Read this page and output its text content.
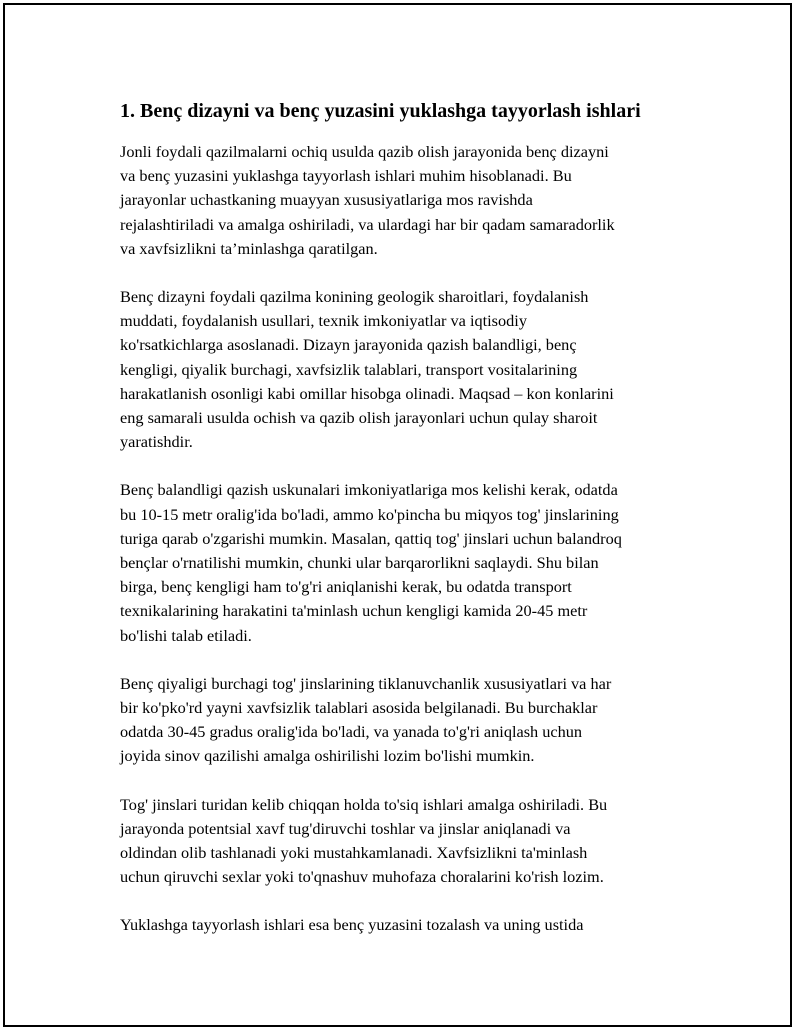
1. Benç dizayni va benç yuzasini yuklashga tayyorlash ishlari

Jonli foydali qazilmalarni ochiq usulda qazib olish jarayonida benç dizayni
va benç yuzasini yuklashga tayyorlash ishlari muhim hisoblanadi. Bu
jarayonlar uchastkaning muayyan xususiyatlariga mos ravishda
rejalashtiriladi va amalga oshiriladi, va ulardagi har bir qadam samaradorlik
va xavfsizlikni ta’minlashga qaratilgan.

Benç dizayni foydali qazilma konining geologik sharoitlari, foydalanish
muddati, foydalanish usullari, texnik imkoniyatlar va iqtisodiy
ko'rsatkichlarga asoslanadi. Dizayn jarayonida qazish balandligi, benç
kengligi, qiyalik burchagi, xavfsizlik talablari, transport vositalarining
harakatlanish osonligi kabi omillar hisobga olinadi. Maqsad – kon konlarini
eng samarali usulda ochish va qazib olish jarayonlari uchun qulay sharoit
yaratishdir.

Benç balandligi qazish uskunalari imkoniyatlariga mos kelishi kerak, odatda
bu 10-15 metr oralig'ida bo'ladi, ammo ko'pincha bu miqyos tog' jinslarining
turiga qarab o'zgarishi mumkin. Masalan, qattiq tog' jinslari uchun balandroq
bençlar o'rnatilishi mumkin, chunki ular barqarorlikni saqlaydi. Shu bilan
birga, benç kengligi ham to'g'ri aniqlanishi kerak, bu odatda transport
texnikalarining harakatini ta'minlash uchun kengligi kamida 20-45 metr
bo'lishi talab etiladi.

Benç qiyaligi burchagi tog' jinslarining tiklanuvchanlik xususiyatlari va har
bir ko'pko'rd yayni xavfsizlik talablari asosida belgilanadi. Bu burchaklar
odatda 30-45 gradus oralig'ida bo'ladi, va yanada to'g'ri aniqlash uchun
joyida sinov qazilishi amalga oshirilishi lozim bo'lishi mumkin.

Tog' jinslari turidan kelib chiqqan holda to'siq ishlari amalga oshiriladi. Bu
jarayonda potentsial xavf tug'diruvchi toshlar va jinslar aniqlanadi va
oldindan olib tashlanadi yoki mustahkamlanadi. Xavfsizlikni ta'minlash
uchun qiruvchi sexlar yoki to'qnashuv muhofaza choralarini ko'rish lozim.

Yuklashga tayyorlash ishlari esa benç yuzasini tozalash va uning ustida
